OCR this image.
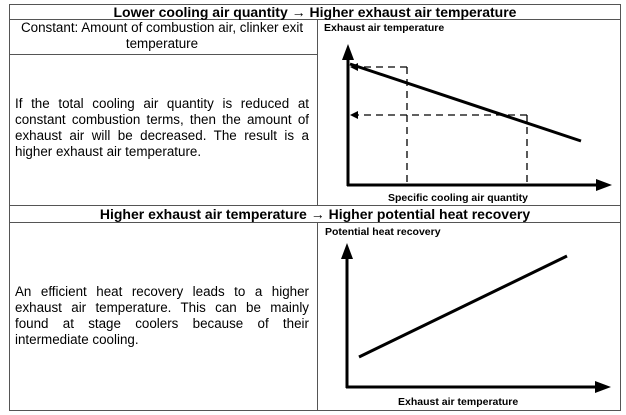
Lower cooling air quantity → Higher exhaust air temperature
Constant: Amount of combustion air, clinker exit temperature
If the total cooling air quantity is reduced at constant combustion terms, then the amount of exhaust air will be decreased. The result is a higher exhaust air temperature.
Higher exhaust air temperature → Higher potential heat recovery
An efficient heat recovery leads to a higher exhaust air temperature. This can be mainly found at stage coolers because of their intermediate cooling.
Exhaust air temperature
Specific cooling air quantity
Potential heat recovery
Exhaust air temperature
